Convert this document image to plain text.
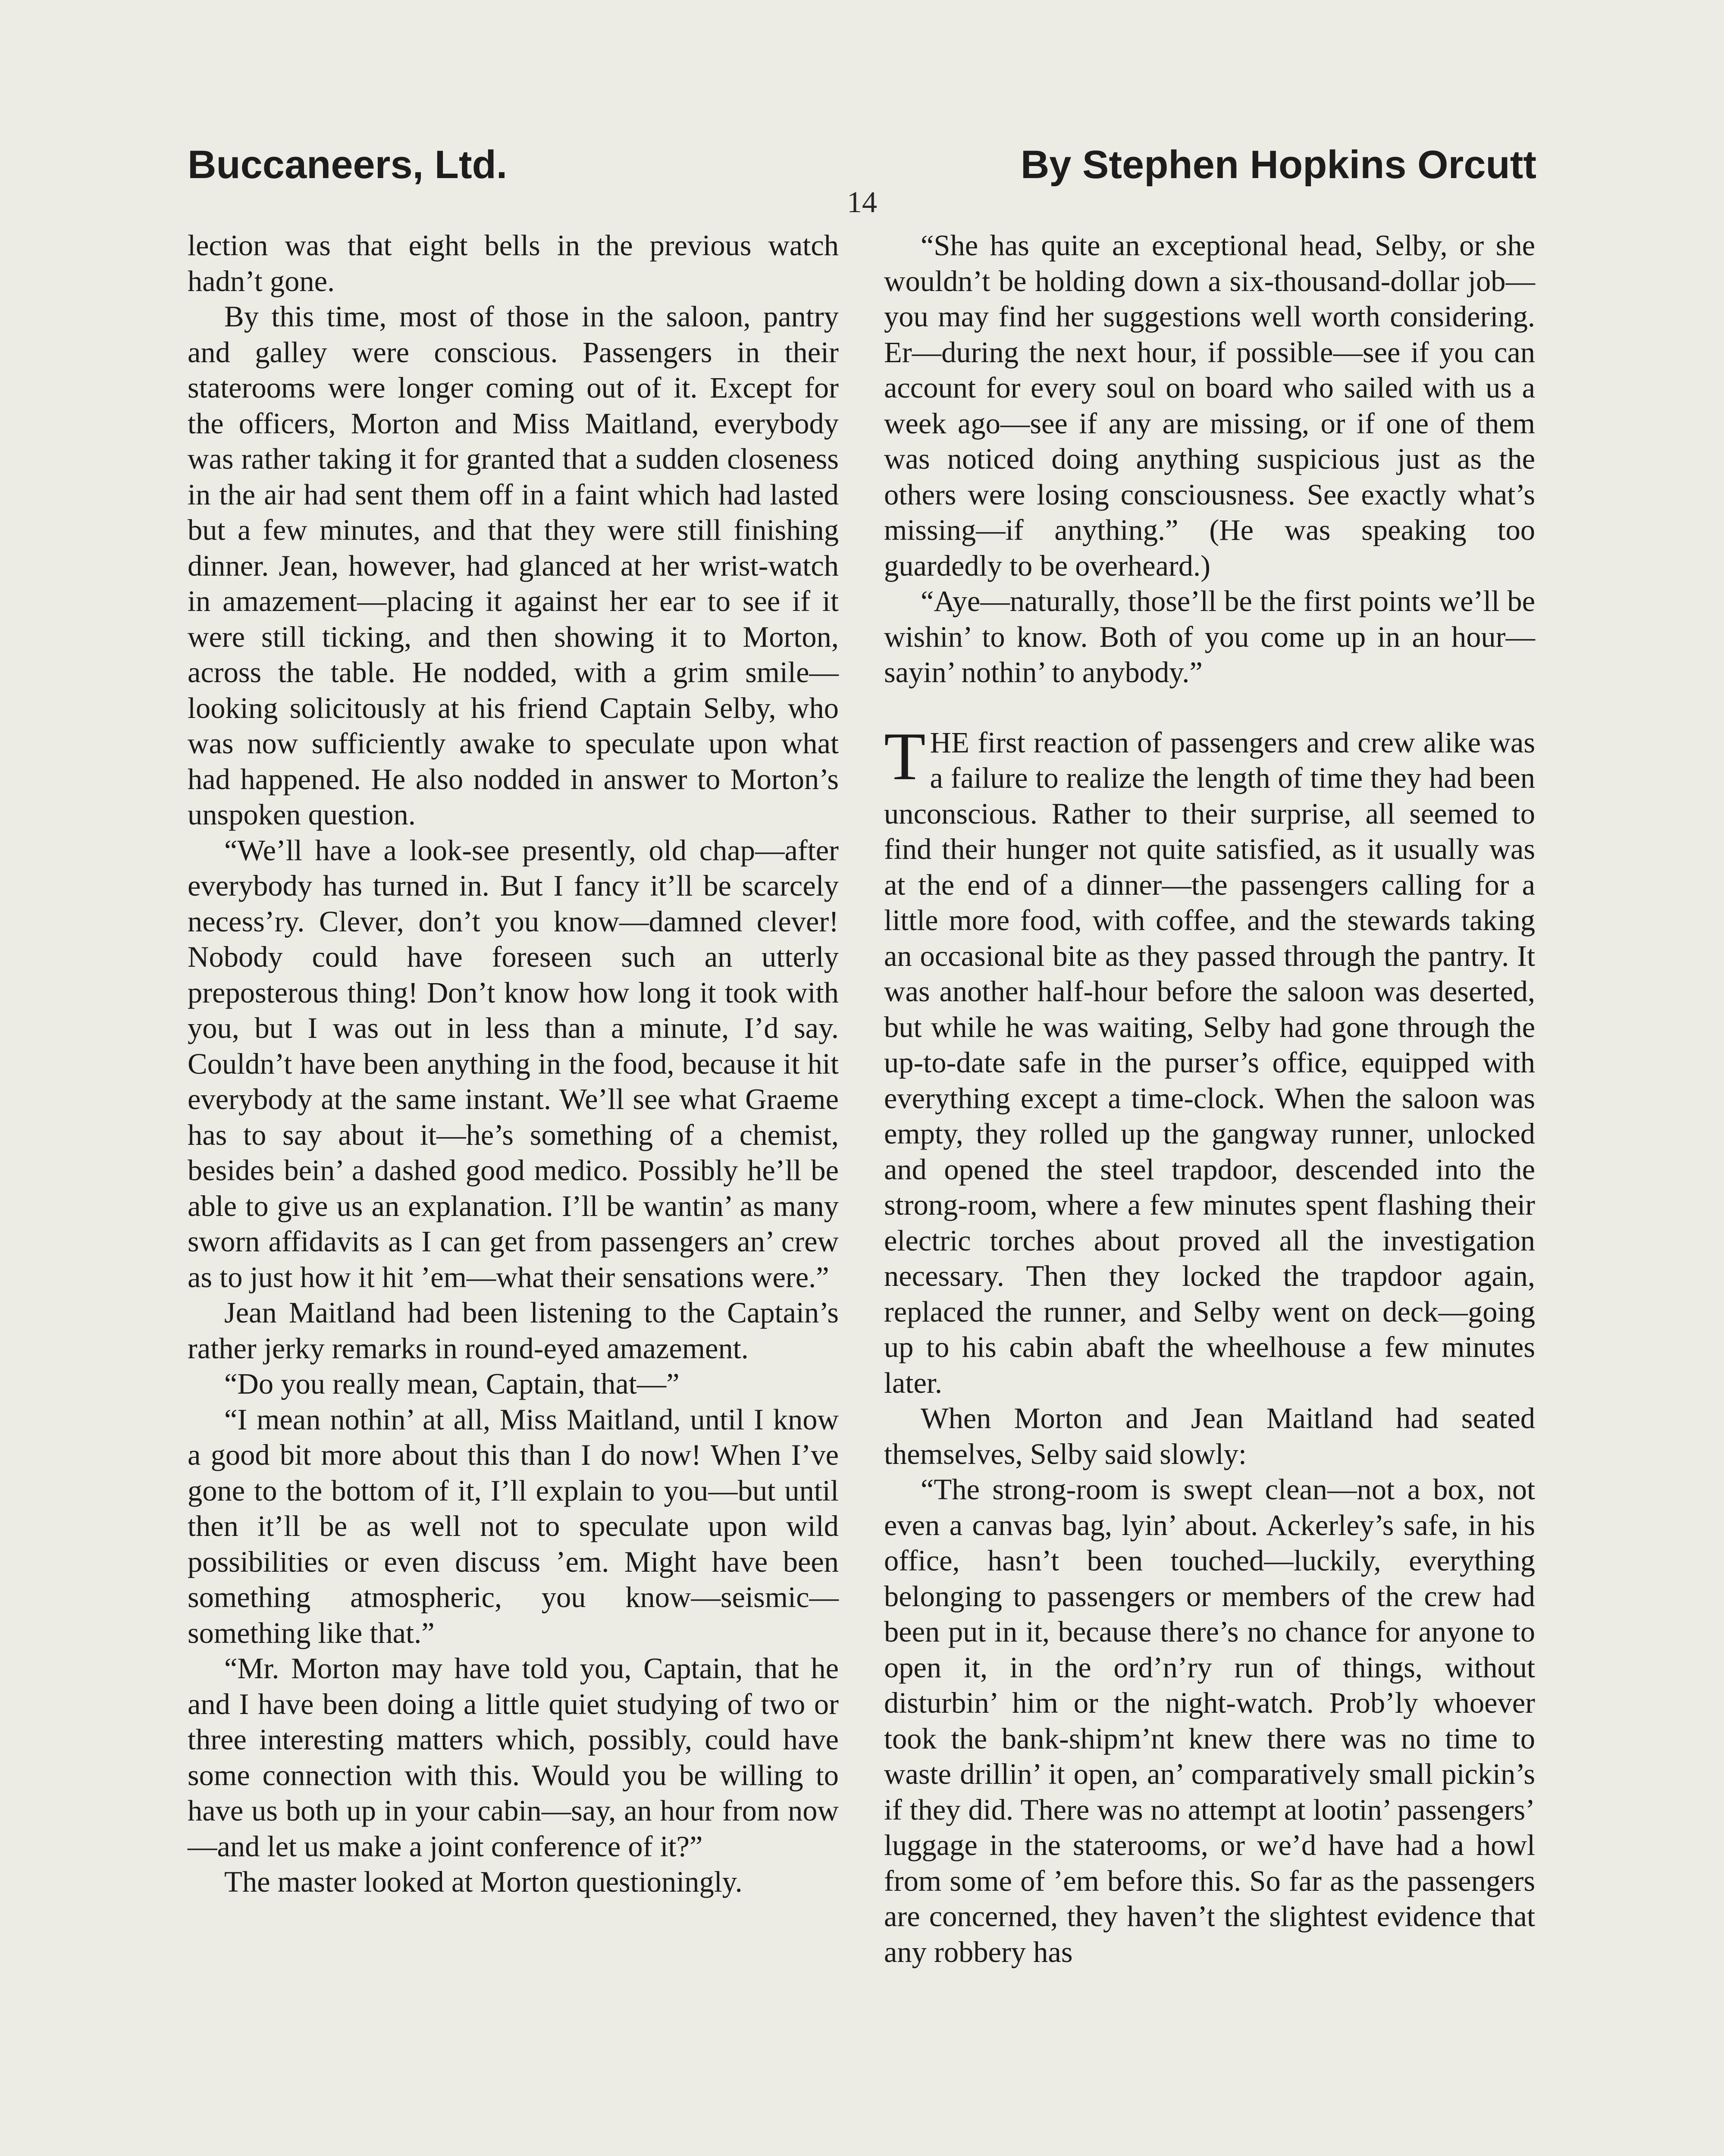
Buccaneers, Ltd.	By Stephen Hopkins Orcutt
14

lection was that eight bells in the previous watch hadn’t gone.

By this time, most of those in the saloon, pantry and galley were conscious. Passengers in their staterooms were longer coming out of it. Except for the officers, Morton and Miss Maitland, everybody was rather taking it for granted that a sudden closeness in the air had sent them off in a faint which had lasted but a few minutes, and that they were still finishing dinner. Jean, however, had glanced at her wrist-watch in amazement—placing it against her ear to see if it were still ticking, and then showing it to Morton, across the table. He nodded, with a grim smile—looking solicitously at his friend Captain Selby, who was now sufficiently awake to speculate upon what had happened. He also nodded in answer to Morton’s unspoken question.

“We’ll have a look-see presently, old chap—after everybody has turned in. But I fancy it’ll be scarcely necess’ry. Clever, don’t you know—damned clever! Nobody could have foreseen such an utterly preposterous thing! Don’t know how long it took with you, but I was out in less than a minute, I’d say. Couldn’t have been anything in the food, because it hit everybody at the same instant. We’ll see what Graeme has to say about it—he’s something of a chemist, besides bein’ a dashed good medico. Possibly he’ll be able to give us an explanation. I’ll be wantin’ as many sworn affidavits as I can get from passengers an’ crew as to just how it hit ’em—what their sensations were.”

Jean Maitland had been listening to the Captain’s rather jerky remarks in round-eyed amazement.

“Do you really mean, Captain, that—”

“I mean nothin’ at all, Miss Maitland, until I know a good bit more about this than I do now! When I’ve gone to the bottom of it, I’ll explain to you—but until then it’ll be as well not to speculate upon wild possibilities or even discuss ’em. Might have been something atmospheric, you know—seismic—something like that.”

“Mr. Morton may have told you, Captain, that he and I have been doing a little quiet studying of two or three interesting matters which, possibly, could have some connection with this. Would you be willing to have us both up in your cabin—say, an hour from now—and let us make a joint conference of it?”

The master looked at Morton questioningly.

“She has quite an exceptional head, Selby, or she wouldn’t be holding down a six-thousand-dollar job—you may find her suggestions well worth considering. Er—during the next hour, if possible—see if you can account for every soul on board who sailed with us a week ago—see if any are missing, or if one of them was noticed doing anything suspicious just as the others were losing consciousness. See exactly what’s missing—if anything.” (He was speaking too guardedly to be overheard.)

“Aye—naturally, those’ll be the first points we’ll be wishin’ to know. Both of you come up in an hour—sayin’ nothin’ to anybody.”

THE first reaction of passengers and crew alike was a failure to realize the length of time they had been unconscious. Rather to their surprise, all seemed to find their hunger not quite satisfied, as it usually was at the end of a dinner—the passengers calling for a little more food, with coffee, and the stewards taking an occasional bite as they passed through the pantry. It was another half-hour before the saloon was deserted, but while he was waiting, Selby had gone through the up-to-date safe in the purser’s office, equipped with everything except a time-clock. When the saloon was empty, they rolled up the gangway runner, unlocked and opened the steel trapdoor, descended into the strong-room, where a few minutes spent flashing their electric torches about proved all the investigation necessary. Then they locked the trapdoor again, replaced the runner, and Selby went on deck—going up to his cabin abaft the wheelhouse a few minutes later.

When Morton and Jean Maitland had seated themselves, Selby said slowly:

“The strong-room is swept clean—not a box, not even a canvas bag, lyin’ about. Ackerley’s safe, in his office, hasn’t been touched—luckily, everything belonging to passengers or members of the crew had been put in it, because there’s no chance for anyone to open it, in the ord’n’ry run of things, without disturbin’ him or the night-watch. Prob’ly whoever took the bank-shipm’nt knew there was no time to waste drillin’ it open, an’ comparatively small pickin’s if they did. There was no attempt at lootin’ passengers’ luggage in the staterooms, or we’d have had a howl from some of ’em before this. So far as the passengers are concerned, they haven’t the slightest evidence that any robbery has
